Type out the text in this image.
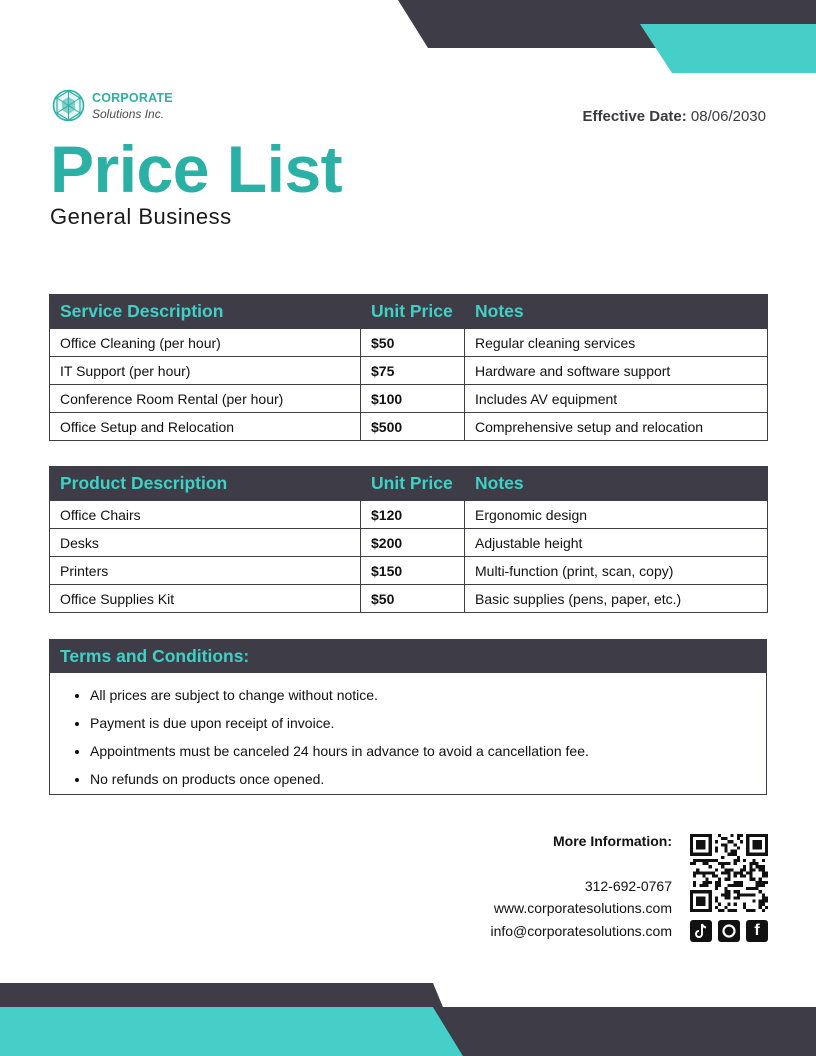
CORPORATE
Solutions Inc.	Effective Date: 08/06/2030
Price List
General Business
Service Description	Unit Price	Notes
Office Cleaning (per hour)	$50	Regular cleaning services
IT Support (per hour)	$75	Hardware and software support
Conference Room Rental (per hour)	$100	Includes AV equipment
Office Setup and Relocation	$500	Comprehensive setup and relocation
Product Description	Unit Price	Notes
Office Chairs	$120	Ergonomic design
Desks	$200	Adjustable height
Printers	$150	Multi-function (print, scan, copy)
Office Supplies Kit	$50	Basic supplies (pens, paper, etc.)
Terms and Conditions:
• All prices are subject to change without notice.
• Payment is due upon receipt of invoice.
• Appointments must be canceled 24 hours in advance to avoid a cancellation fee.
• No refunds on products once opened.
More Information:
312-692-0767
www.corporatesolutions.com
info@corporatesolutions.com	f
